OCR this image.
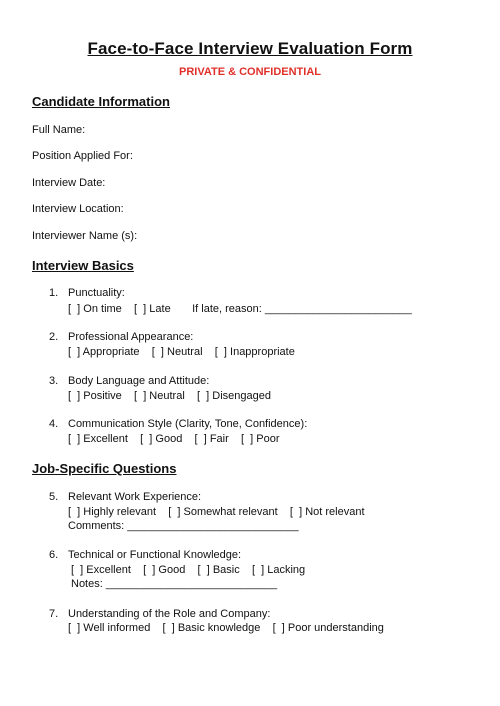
Face-to-Face Interview Evaluation Form
PRIVATE & CONFIDENTIAL
Candidate Information
Full Name:
Position Applied For:
Interview Date:
Interview Location:
Interviewer Name (s):
Interview Basics
1. Punctuality:
[  ] On time    [  ] Late       If late, reason: ________________________
2. Professional Appearance:
[  ] Appropriate    [  ] Neutral    [  ] Inappropriate
3. Body Language and Attitude:
[  ] Positive    [  ] Neutral    [  ] Disengaged
4. Communication Style (Clarity, Tone, Confidence):
[  ] Excellent    [  ] Good    [  ] Fair    [  ] Poor
Job-Specific Questions
5. Relevant Work Experience:
[  ] Highly relevant    [  ] Somewhat relevant    [  ] Not relevant
Comments: ____________________________
6. Technical or Functional Knowledge:
[  ] Excellent    [  ] Good    [  ] Basic    [  ] Lacking
Notes: ____________________________
7. Understanding of the Role and Company:
[  ] Well informed    [  ] Basic knowledge    [  ] Poor understanding
